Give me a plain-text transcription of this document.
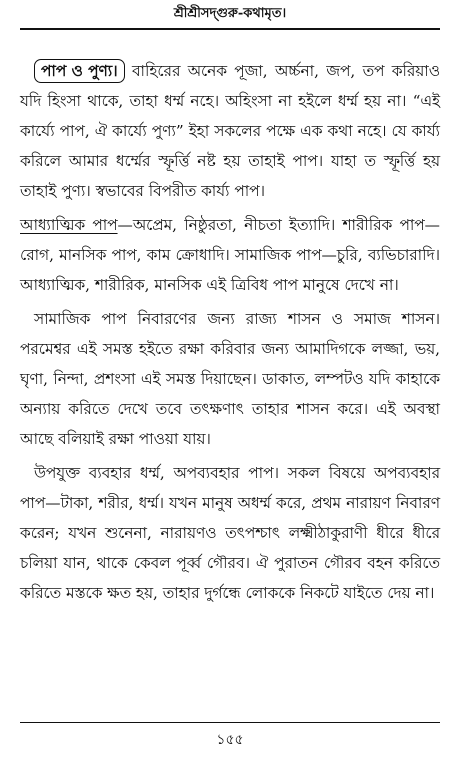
শ্রীশ্রীসদ্গুরু-কথামৃত।

পাপ ও পুণ্য। বাহিরের অনেক পূজা, অর্চ্চনা, জপ, তপ করিয়াও যদি হিংসা থাকে, তাহা ধর্ম্ম নহে। অহিংসা না হইলে ধর্ম্ম হয় না। “এই কার্য্যে পাপ, ঐ কার্য্যে পুণ্য” ইহা সকলের পক্ষে এক কথা নহে। যে কার্য্য করিলে আমার ধর্ম্মের স্ফূর্ত্তি নষ্ট হয় তাহাই পাপ। যাহা ত স্ফূর্ত্তি হয় তাহাই পুণ্য। স্বভাবের বিপরীত কার্য্য পাপ।

আধ্যাত্মিক পাপ—অপ্রেম, নিষ্ঠুরতা, নীচতা ইত্যাদি। শারীরিক পাপ—রোগ, মানসিক পাপ, কাম ক্রোধাদি। সামাজিক পাপ—চুরি, ব্যভিচারাদি। আধ্যাত্মিক, শারীরিক, মানসিক এই ত্রিবিধ পাপ মানুষে দেখে না।

সামাজিক পাপ নিবারণের জন্য রাজ্য শাসন ও সমাজ শাসন। পরমেশ্বর এই সমস্ত হইতে রক্ষা করিবার জন্য আমাদিগকে লজ্জা, ভয়, ঘৃণা, নিন্দা, প্রশংসা এই সমস্ত দিয়াছেন। ডাকাত, লম্পটও যদি কাহাকে অন্যায় করিতে দেখে তবে তৎক্ষণাৎ তাহার শাসন করে। এই অবস্থা আছে বলিয়াই রক্ষা পাওয়া যায়।

উপযুক্ত ব্যবহার ধর্ম্ম, অপব্যবহার পাপ। সকল বিষয়ে অপব্যবহার পাপ—টাকা, শরীর, ধর্ম্ম। যখন মানুষ অধর্ম্ম করে, প্রথম নারায়ণ নিবারণ করেন; যখন শুনেনা, নারায়ণও তৎপশ্চাৎ লক্ষ্মীঠাকুরাণী ধীরে ধীরে চলিয়া যান, থাকে কেবল পূর্ব্ব গৌরব। ঐ পুরাতন গৌরব বহন করিতে করিতে মস্তকে ক্ষত হয়, তাহার দুর্গন্ধে লোককে নিকটে যাইতে দেয় না।

১৫৫
